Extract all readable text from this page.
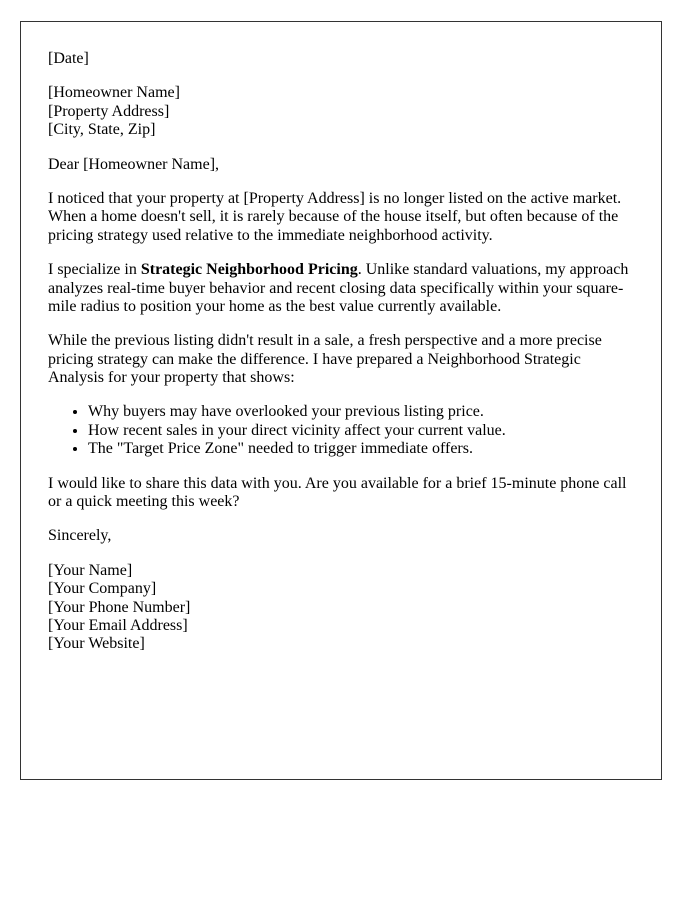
[Date]

[Homeowner Name]
[Property Address]
[City, State, Zip]

Dear [Homeowner Name],

I noticed that your property at [Property Address] is no longer listed on the active market. When a home doesn't sell, it is rarely because of the house itself, but often because of the pricing strategy used relative to the immediate neighborhood activity.

I specialize in Strategic Neighborhood Pricing. Unlike standard valuations, my approach analyzes real-time buyer behavior and recent closing data specifically within your square-mile radius to position your home as the best value currently available.

While the previous listing didn't result in a sale, a fresh perspective and a more precise pricing strategy can make the difference. I have prepared a Neighborhood Strategic Analysis for your property that shows:

• Why buyers may have overlooked your previous listing price.
• How recent sales in your direct vicinity affect your current value.
• The "Target Price Zone" needed to trigger immediate offers.

I would like to share this data with you. Are you available for a brief 15-minute phone call or a quick meeting this week?

Sincerely,

[Your Name]
[Your Company]
[Your Phone Number]
[Your Email Address]
[Your Website]
